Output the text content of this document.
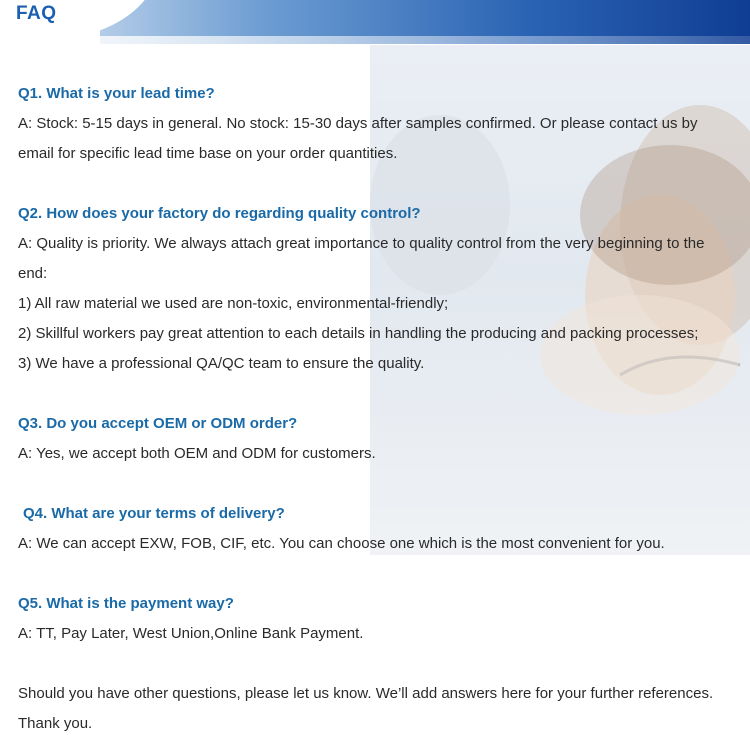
FAQ
Q1. What is your lead time?
A: Stock: 5-15 days in general. No stock: 15-30 days after samples confirmed. Or please contact us by
email for specific lead time base on your order quantities.
Q2. How does your factory do regarding quality control?
A: Quality is priority. We always attach great importance to quality control from the very beginning to the
end:
1) All raw material we used are non-toxic, environmental-friendly;
2) Skillful workers pay great attention to each details in handling the producing and packing processes;
3) We have a professional QA/QC team to ensure the quality.
Q3. Do you accept OEM or ODM order?
A: Yes, we accept both OEM and ODM for customers.
Q4. What are your terms of delivery?
A: We can accept EXW, FOB, CIF, etc. You can choose one which is the most convenient for you.
Q5. What is the payment way?
A: TT, Pay Later, West Union,Online Bank Payment.
Should you have other questions, please let us know. We’ll add answers here for your further references.
Thank you.
